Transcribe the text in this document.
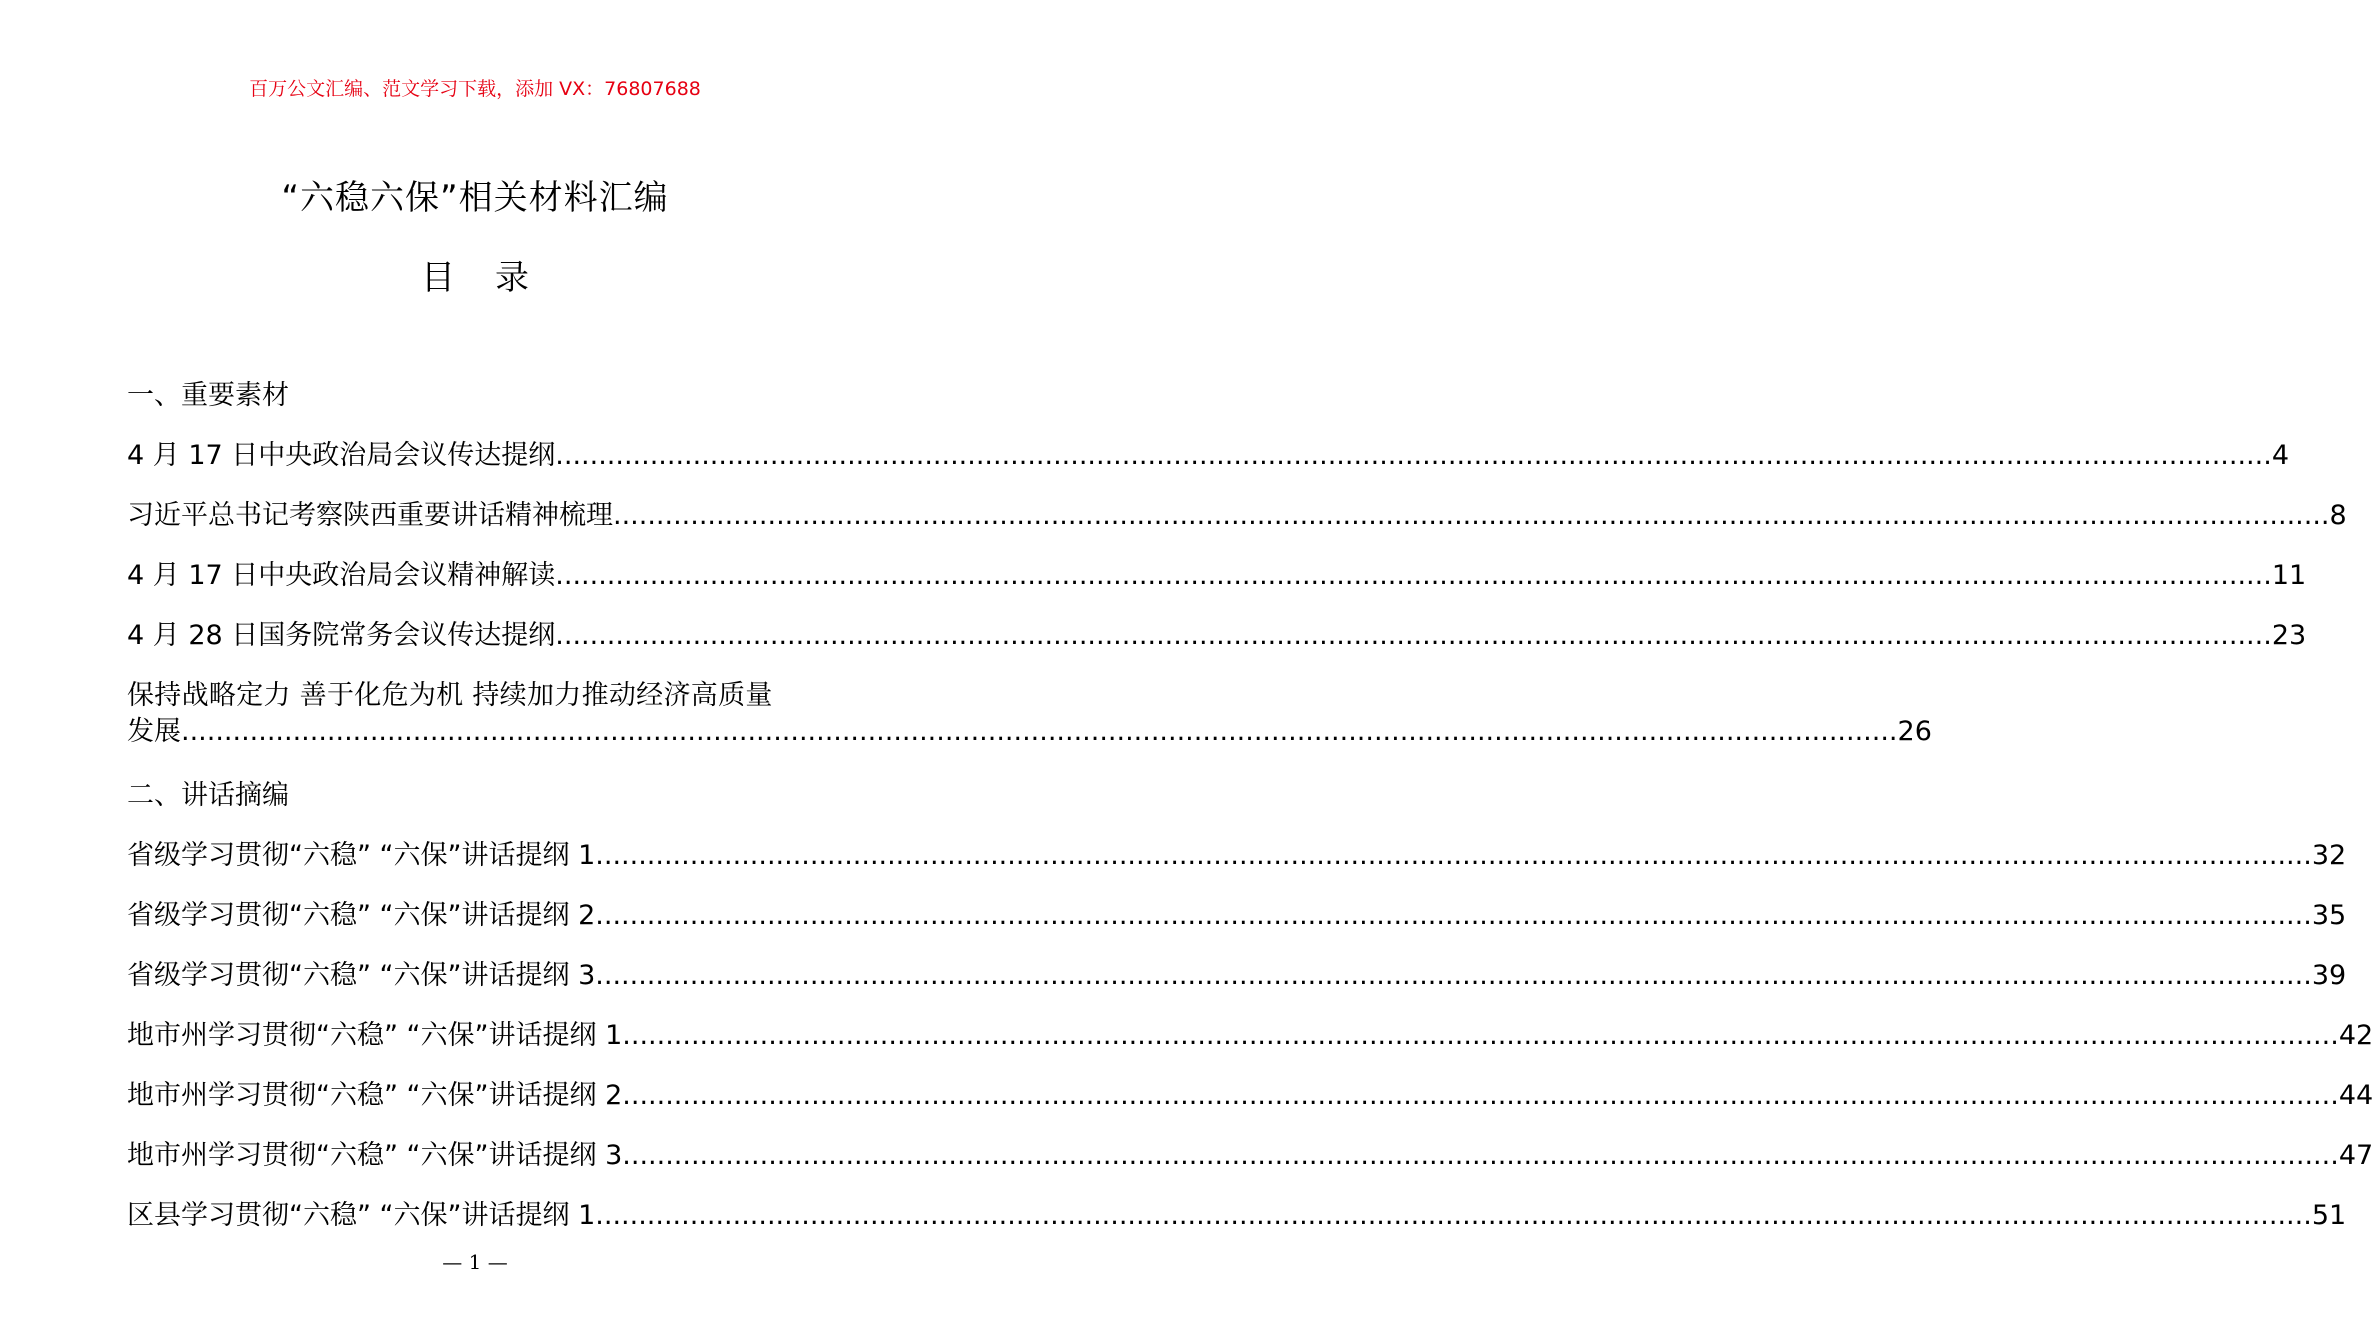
百万公文汇编、范文学习下载，添加 VX：76807688
“六稳六保”相关材料汇编
目录
一、重要素材
4 月 17 日中央政治局会议传达提纲 ........................................................................................................................................................................................................ 4
习近平总书记考察陕西重要讲话精神梳理 ........................................................................................................................................................................................................ 8
4 月 17 日中央政治局会议精神解读 ........................................................................................................................................................................................................ 11
4 月 28 日国务院常务会议传达提纲 ........................................................................................................................................................................................................ 23
保持战略定力 善于化危为机 持续加力推动经济高质量
发展 ........................................................................................................................................................................................................ 26
二、讲话摘编
省级学习贯彻“六稳” “六保”讲话提纲 1 ........................................................................................................................................................................................................ 32
省级学习贯彻“六稳” “六保”讲话提纲 2 ........................................................................................................................................................................................................ 35
省级学习贯彻“六稳” “六保”讲话提纲 3 ........................................................................................................................................................................................................ 39
地市州学习贯彻“六稳” “六保”讲话提纲 1 ........................................................................................................................................................................................................ 42
地市州学习贯彻“六稳” “六保”讲话提纲 2 ........................................................................................................................................................................................................ 44
地市州学习贯彻“六稳” “六保”讲话提纲 3 ........................................................................................................................................................................................................ 47
区县学习贯彻“六稳” “六保”讲话提纲 1 ........................................................................................................................................................................................................ 51
— 1 —
